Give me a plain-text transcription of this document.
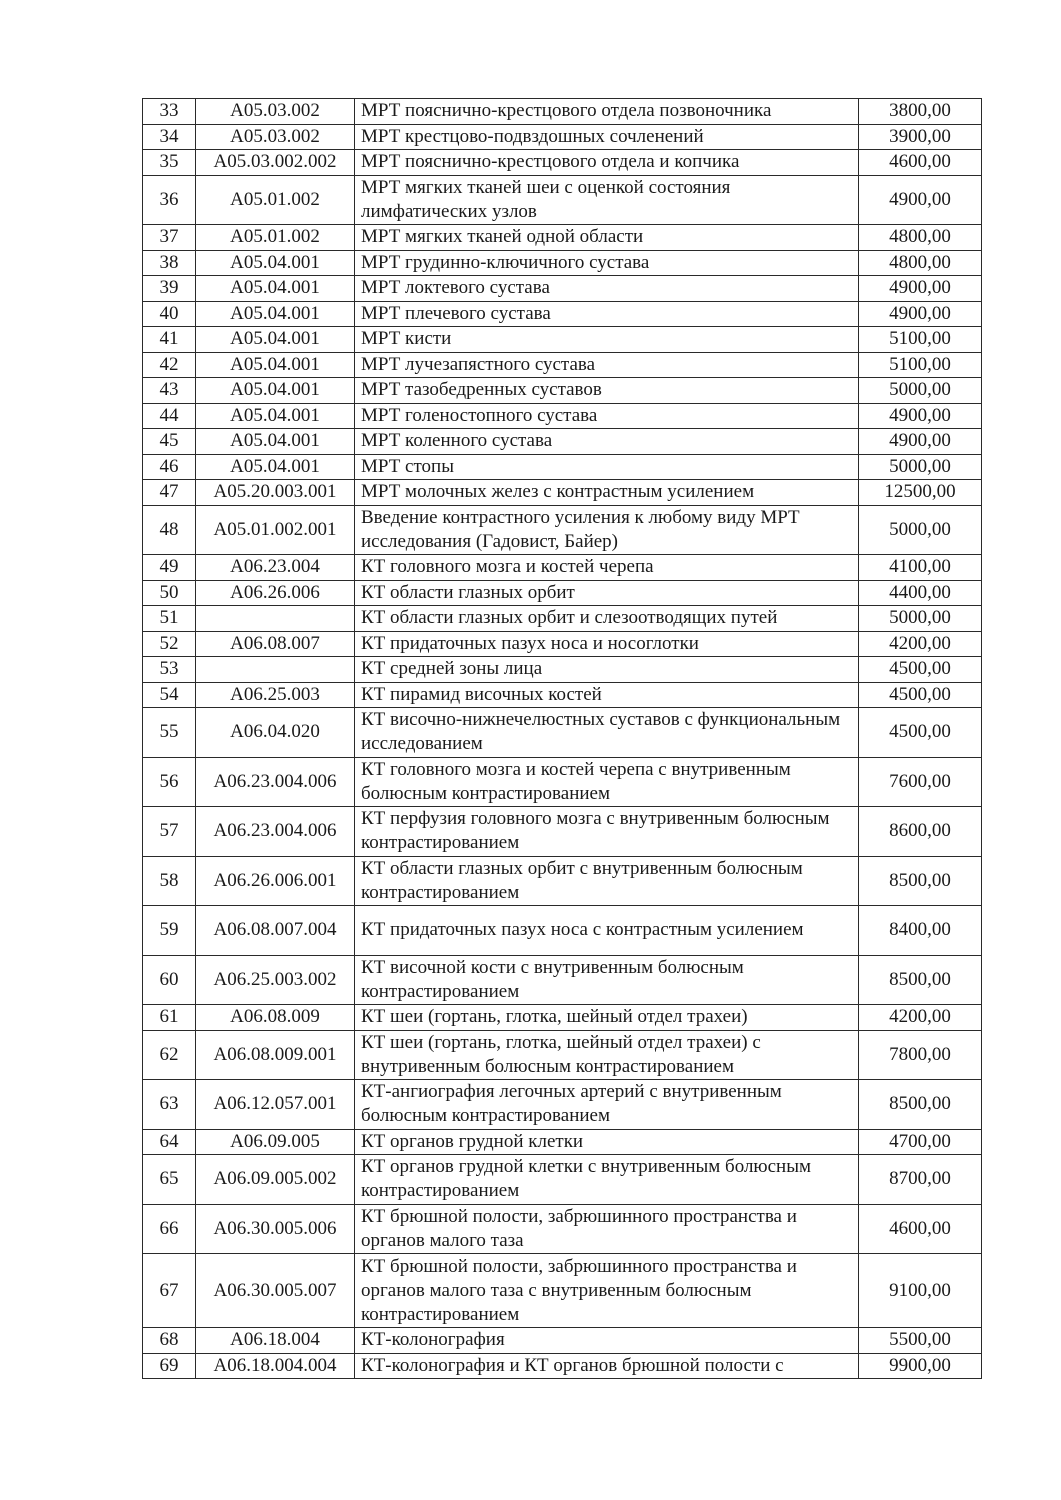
33	A05.03.002	МРТ пояснично-крестцового отдела позвоночника	3800,00
34	A05.03.002	МРТ крестцово-подвздошных сочленений	3900,00
35	A05.03.002.002	МРТ пояснично-крестцового отдела и копчика	4600,00
36	A05.01.002	МРТ мягких тканей шеи с оценкой состояния лимфатических узлов	4900,00
37	A05.01.002	МРТ мягких тканей одной области	4800,00
38	A05.04.001	МРТ грудинно-ключичного сустава	4800,00
39	A05.04.001	МРТ локтевого сустава	4900,00
40	A05.04.001	МРТ плечевого сустава	4900,00
41	A05.04.001	МРТ кисти	5100,00
42	A05.04.001	МРТ лучезапястного сустава	5100,00
43	A05.04.001	МРТ тазобедренных суставов	5000,00
44	A05.04.001	МРТ голеностопного сустава	4900,00
45	A05.04.001	МРТ коленного сустава	4900,00
46	A05.04.001	МРТ стопы	5000,00
47	A05.20.003.001	МРТ молочных желез с контрастным усилением	12500,00
48	A05.01.002.001	Введение контрастного усиления к любому виду МРТ исследования (Гадовист, Байер)	5000,00
49	A06.23.004	КТ головного мозга и костей черепа	4100,00
50	A06.26.006	КТ области глазных орбит	4400,00
51		КТ области глазных орбит и слезоотводящих путей	5000,00
52	A06.08.007	КТ придаточных пазух носа и носоглотки	4200,00
53		КТ средней зоны лица	4500,00
54	A06.25.003	КТ пирамид височных костей	4500,00
55	A06.04.020	КТ височно-нижнечелюстных суставов с функциональным исследованием	4500,00
56	A06.23.004.006	КТ головного мозга и костей черепа с внутривенным болюсным контрастированием	7600,00
57	A06.23.004.006	КТ перфузия головного мозга с внутривенным болюсным контрастированием	8600,00
58	A06.26.006.001	КТ области глазных орбит с внутривенным болюсным контрастированием	8500,00
59	A06.08.007.004	КТ придаточных пазух носа с контрастным усилением	8400,00
60	A06.25.003.002	КТ височной кости с внутривенным болюсным контрастированием	8500,00
61	A06.08.009	КТ шеи (гортань, глотка, шейный отдел трахеи)	4200,00
62	A06.08.009.001	КТ шеи (гортань, глотка, шейный отдел трахеи) с внутривенным болюсным контрастированием	7800,00
63	A06.12.057.001	КТ-ангиография легочных артерий с внутривенным болюсным контрастированием	8500,00
64	A06.09.005	КТ органов грудной клетки	4700,00
65	A06.09.005.002	КТ органов грудной клетки с внутривенным болюсным контрастированием	8700,00
66	A06.30.005.006	КТ брюшной полости, забрюшинного пространства и органов малого таза	4600,00
67	A06.30.005.007	КТ брюшной полости, забрюшинного пространства и органов малого таза с внутривенным болюсным контрастированием	9100,00
68	A06.18.004	КТ-колонография	5500,00
69	A06.18.004.004	КТ-колонография и КТ органов брюшной полости с	9900,00
